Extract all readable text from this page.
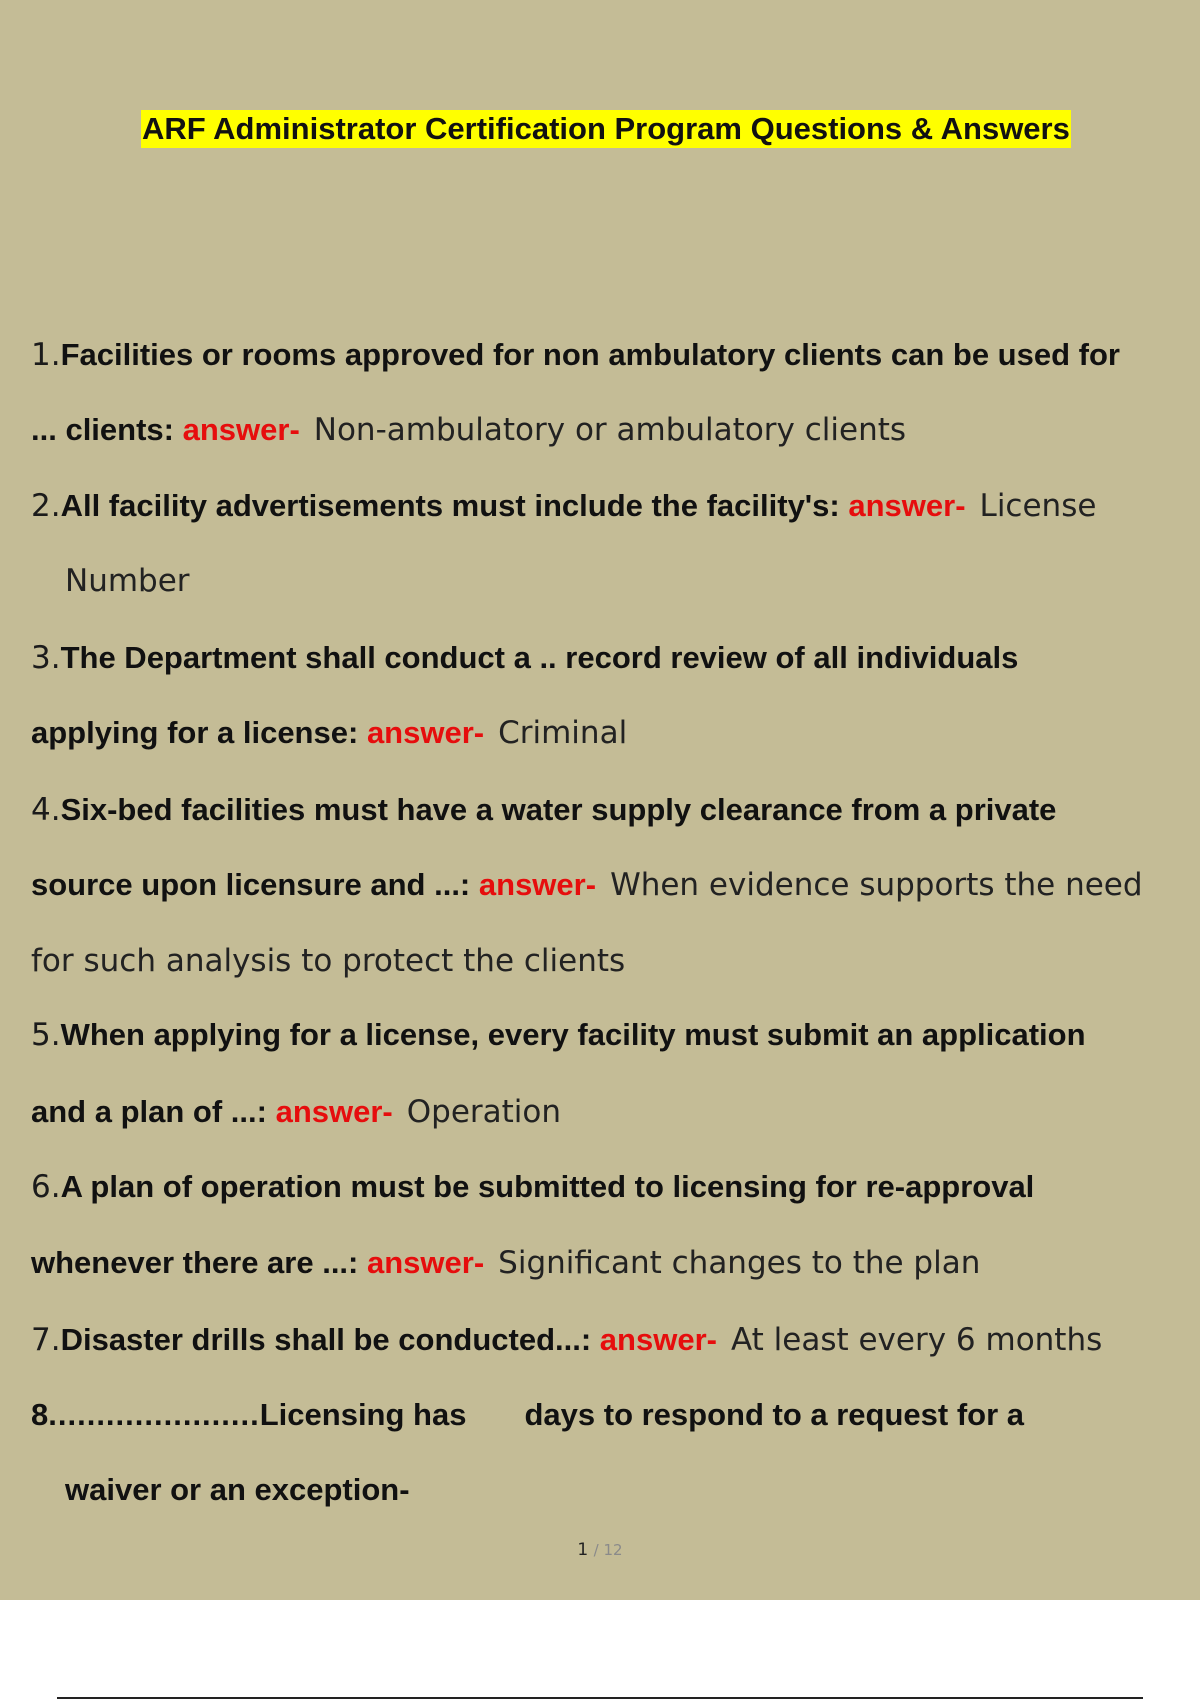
ARF Administrator Certification Program Questions & Answers
1.Facilities or rooms approved for non ambulatory clients can be used for
... clients: answer- Non-ambulatory or ambulatory clients
2.All facility advertisements must include the facility's: answer- License
Number
3.The Department shall conduct a .. record review of all individuals
applying for a license: answer- Criminal
4.Six-bed facilities must have a water supply clearance from a private
source upon licensure and ...: answer- When evidence supports the need
for such analysis to protect the clients
5.When applying for a license, every facility must submit an application
and a plan of ...: answer- Operation
6.A plan of operation must be submitted to licensing for re-approval
whenever there are ...: answer- Significant changes to the plan
7.Disaster drills shall be conducted...: answer- At least every 6 months
8......................Licensing has days to respond to a request for a
waiver or an exception-
1 / 12
